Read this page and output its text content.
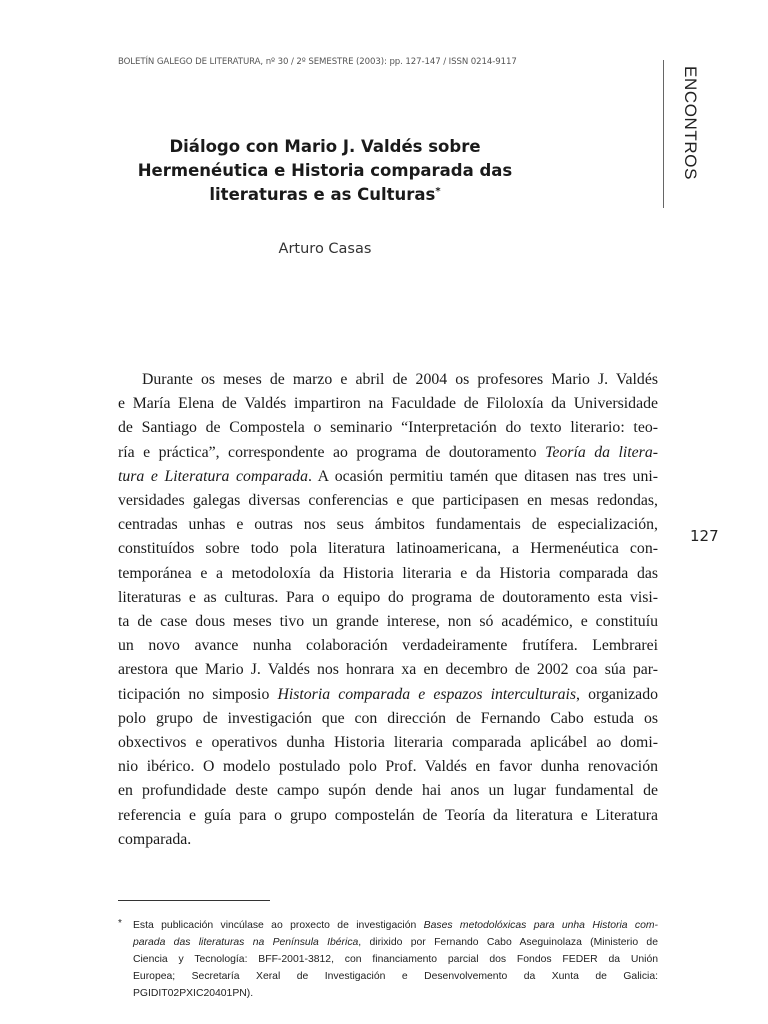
BOLETÍN GALEGO DE LITERATURA, nº 30 / 2º SEMESTRE (2003): pp. 127-147 / ISSN 0214-9117
ENCONTROS
Diálogo con Mario J. Valdés sobre
Hermenéutica e Historia comparada das
literaturas e as Culturas*
Arturo Casas
Durante os meses de marzo e abril de 2004 os profesores Mario J. Valdés
e María Elena de Valdés impartiron na Faculdade de Filoloxía da Universidade
de Santiago de Compostela o seminario “Interpretación do texto literario: teo-
ría e práctica”, correspondente ao programa de doutoramento Teoría da litera-
tura e Literatura comparada. A ocasión permitiu tamén que ditasen nas tres uni-
versidades galegas diversas conferencias e que participasen en mesas redondas,
centradas unhas e outras nos seus ámbitos fundamentais de especialización,
constituídos sobre todo pola literatura latinoamericana, a Hermenéutica con-
temporánea e a metodoloxía da Historia literaria e da Historia comparada das
literaturas e as culturas. Para o equipo do programa de doutoramento esta visi-
ta de case dous meses tivo un grande interese, non só académico, e constituíu
un novo avance nunha colaboración verdadeiramente frutífera. Lembrarei
arestora que Mario J. Valdés nos honrara xa en decembro de 2002 coa súa par-
ticipación no simposio Historia comparada e espazos interculturais, organizado
polo grupo de investigación que con dirección de Fernando Cabo estuda os
obxectivos e operativos dunha Historia literaria comparada aplicábel ao domi-
nio ibérico. O modelo postulado polo Prof. Valdés en favor dunha renovación
en profundidade deste campo supón dende hai anos un lugar fundamental de
referencia e guía para o grupo compostelán de Teoría da literatura e Literatura
comparada.
127
* Esta publicación vincúlase ao proxecto de investigación Bases metodolóxicas para unha Historia com-
parada das literaturas na Península Ibérica, dirixido por Fernando Cabo Aseguinolaza (Ministerio de
Ciencia y Tecnología: BFF-2001-3812, con financiamento parcial dos Fondos FEDER da Unión
Europea; Secretaría Xeral de Investigación e Desenvolvemento da Xunta de Galicia:
PGIDIT02PXIC20401PN).
